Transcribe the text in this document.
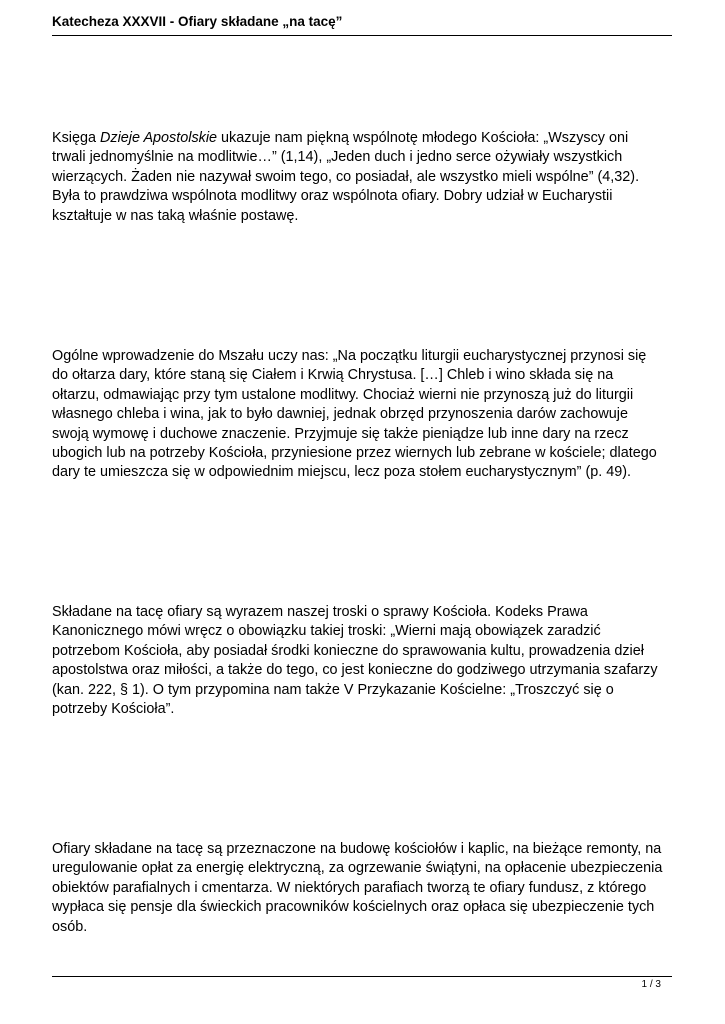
Katecheza XXXVII - Ofiary składane „na tacę”
Księga Dzieje Apostolskie ukazuje nam piękną wspólnotę młodego Kościoła: „Wszyscy oni
trwali jednomyślnie na modlitwie…” (1,14), „Jeden duch i jedno serce ożywiały wszystkich
wierzących. Żaden nie nazywał swoim tego, co posiadał, ale wszystko mieli wspólne” (4,32).
Była to prawdziwa wspólnota modlitwy oraz wspólnota ofiary. Dobry udział w Eucharystii
kształtuje w nas taką właśnie postawę.
Ogólne wprowadzenie do Mszału uczy nas: „Na początku liturgii eucharystycznej przynosi się
do ołtarza dary, które staną się Ciałem i Krwią Chrystusa. […] Chleb i wino składa się na
ołtarzu, odmawiając przy tym ustalone modlitwy. Chociaż wierni nie przynoszą już do liturgii
własnego chleba i wina, jak to było dawniej, jednak obrzęd przynoszenia darów zachowuje
swoją wymowę i duchowe znaczenie. Przyjmuje się także pieniądze lub inne dary na rzecz
ubogich lub na potrzeby Kościoła, przyniesione przez wiernych lub zebrane w kościele; dlatego
dary te umieszcza się w odpowiednim miejscu, lecz poza stołem eucharystycznym” (p. 49).
Składane na tacę ofiary są wyrazem naszej troski o sprawy Kościoła. Kodeks Prawa
Kanonicznego mówi wręcz o obowiązku takiej troski: „Wierni mają obowiązek zaradzić
potrzebom Kościoła, aby posiadał środki konieczne do sprawowania kultu, prowadzenia dzieł
apostolstwa oraz miłości, a także do tego, co jest konieczne do godziwego utrzymania szafarzy
(kan. 222, § 1). O tym przypomina nam także V Przykazanie Kościelne: „Troszczyć się o
potrzeby Kościoła”.
Ofiary składane na tacę są przeznaczone na budowę kościołów i kaplic, na bieżące remonty, na
uregulowanie opłat za energię elektryczną, za ogrzewanie świątyni, na opłacenie ubezpieczenia
obiektów parafialnych i cmentarza. W niektórych parafiach tworzą te ofiary fundusz, z którego
wypłaca się pensje dla świeckich pracowników kościelnych oraz opłaca się ubezpieczenie tych
osób.
1 / 3
